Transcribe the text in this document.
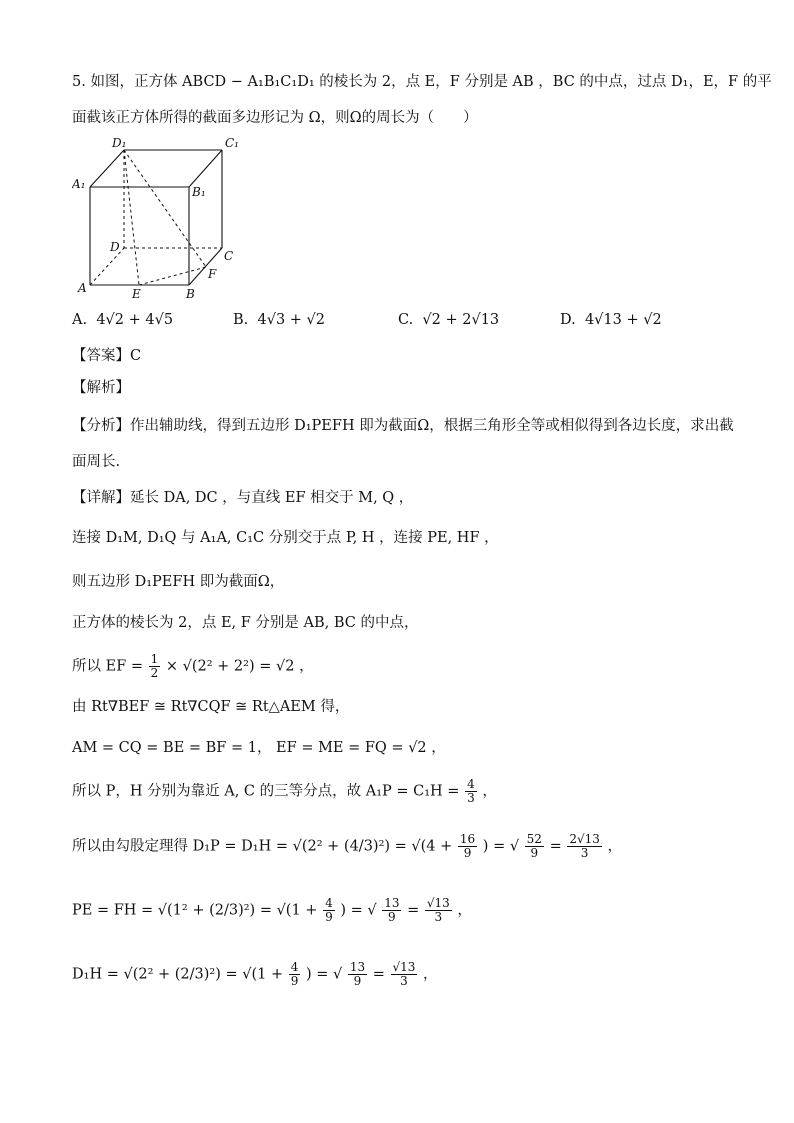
5. 如图，正方体 ABCD − A₁B₁C₁D₁ 的棱长为 2，点 E，F 分别是 AB ，BC 的中点，过点 D₁，E，F 的平
面截该正方体所得的截面多边形记为 Ω，则Ω的周长为（　　）
D₁	C₁
A₁
B₁
D
C
A	E	B
F
A. 4√2 + 4√5	B. 4√3 + √2	C. √2 + 2√13	D. 4√13 + √2
【答案】C
【解析】
【分析】作出辅助线，得到五边形 D₁PEFH 即为截面Ω，根据三角形全等或相似得到各边长度，求出截
面周长.
【详解】延长 DA, DC ，与直线 EF 相交于 M, Q ，
连接 D₁M, D₁Q 与 A₁A, C₁C 分别交于点 P, H ，连接 PE, HF ，
则五边形 D₁PEFH 即为截面Ω，
正方体的棱长为 2，点 E, F 分别是 AB, BC 的中点，
所以 EF = $\frac{1}{2} \times √(2^2 + 2^2) = √2$ ，
由 Rt∇BEF ≅ Rt∇CQF ≅ Rt△AEM 得，
AM = CQ = BE = BF = 1， EF = ME = FQ = √2 ，
所以 P，H 分别为靠近 A, C 的三等分点，故 $A_1P = C_1H = \frac{4}{3}$ ，
所以由勾股定理得 $D_1P = D_1H = √(2^2 + (4/3)^2) = √(4 + \frac{16}{9}$ ) = √ $\frac{52}{9} = \frac{2√13}{3}$ ，
PE = FH = $√(1^2 + (2/3)^2) = √(1 + \frac{4}{9}$ ) = √ $\frac{13}{9} = \frac{√13}{3}$ ，
$D_1H = √(2^2 + (2/3)^2) = √(1 + \frac{4}{9}$ ) = √ $\frac{13}{9} = \frac{√13}{3}$ ，
